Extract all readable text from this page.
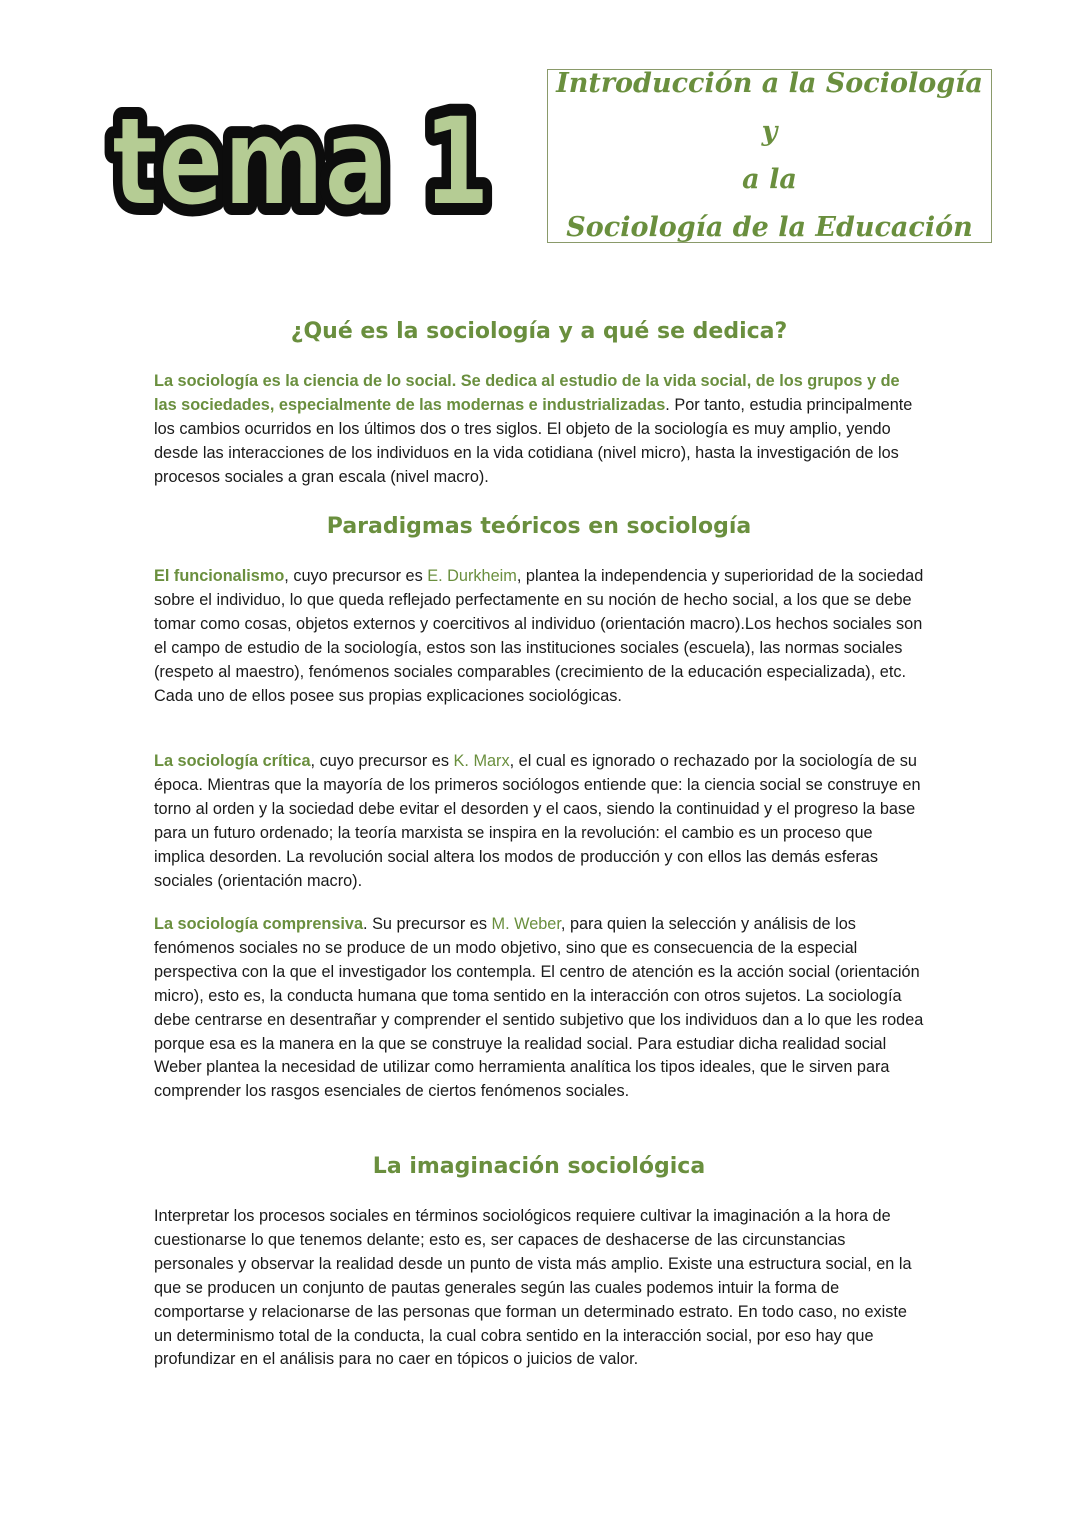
tema 1
tema 1
Introducción a la Sociología y
a la
Sociología de la Educación
¿Qué es la sociología y a qué se dedica?

La sociología es la ciencia de lo social. Se dedica al estudio de la vida social, de los grupos y de las sociedades, especialmente de las modernas e industrializadas. Por tanto, estudia principalmente los cambios ocurridos en los últimos dos o tres siglos. El objeto de la sociología es muy amplio, yendo desde las interacciones de los individuos en la vida cotidiana (nivel micro), hasta la investigación de los procesos sociales a gran escala (nivel macro).

Paradigmas teóricos en sociología

El funcionalismo, cuyo precursor es E. Durkheim, plantea la independencia y superioridad de la sociedad sobre el individuo, lo que queda reflejado perfectamente en su noción de hecho social, a los que se debe tomar como cosas, objetos externos y coercitivos al individuo (orientación macro).Los hechos sociales son el campo de estudio de la sociología, estos son las instituciones sociales (escuela), las normas sociales (respeto al maestro), fenómenos sociales comparables (crecimiento de la educación especializada), etc. Cada uno de ellos posee sus propias explicaciones sociológicas.

La sociología crítica, cuyo precursor es K. Marx, el cual es ignorado o rechazado por la sociología de su época. Mientras que la mayoría de los primeros sociólogos entiende que: la ciencia social se construye en torno al orden y la sociedad debe evitar el desorden y el caos, siendo la continuidad y el progreso la base para un futuro ordenado; la teoría marxista se inspira en la revolución: el cambio es un proceso que implica desorden. La revolución social altera los modos de producción y con ellos las demás esferas sociales (orientación macro).

La sociología comprensiva. Su precursor es M. Weber, para quien la selección y análisis de los fenómenos sociales no se produce de un modo objetivo, sino que es consecuencia de la especial perspectiva con la que el investigador los contempla. El centro de atención es la acción social (orientación micro), esto es, la conducta humana que toma sentido en la interacción con otros sujetos. La sociología debe centrarse en desentrañar y comprender el sentido subjetivo que los individuos dan a lo que les rodea porque esa es la manera en la que se construye la realidad social. Para estudiar dicha realidad social Weber plantea la necesidad de utilizar como herramienta analítica los tipos ideales, que le sirven para comprender los rasgos esenciales de ciertos fenómenos sociales.

La imaginación sociológica

Interpretar los procesos sociales en términos sociológicos requiere cultivar la imaginación a la hora de cuestionarse lo que tenemos delante; esto es, ser capaces de deshacerse de las circunstancias personales y observar la realidad desde un punto de vista más amplio. Existe una estructura social, en la que se producen un conjunto de pautas generales según las cuales podemos intuir la forma de comportarse y relacionarse de las personas que forman un determinado estrato. En todo caso, no existe un determinismo total de la conducta, la cual cobra sentido en la interacción social, por eso hay que profundizar en el análisis para no caer en tópicos o juicios de valor.
